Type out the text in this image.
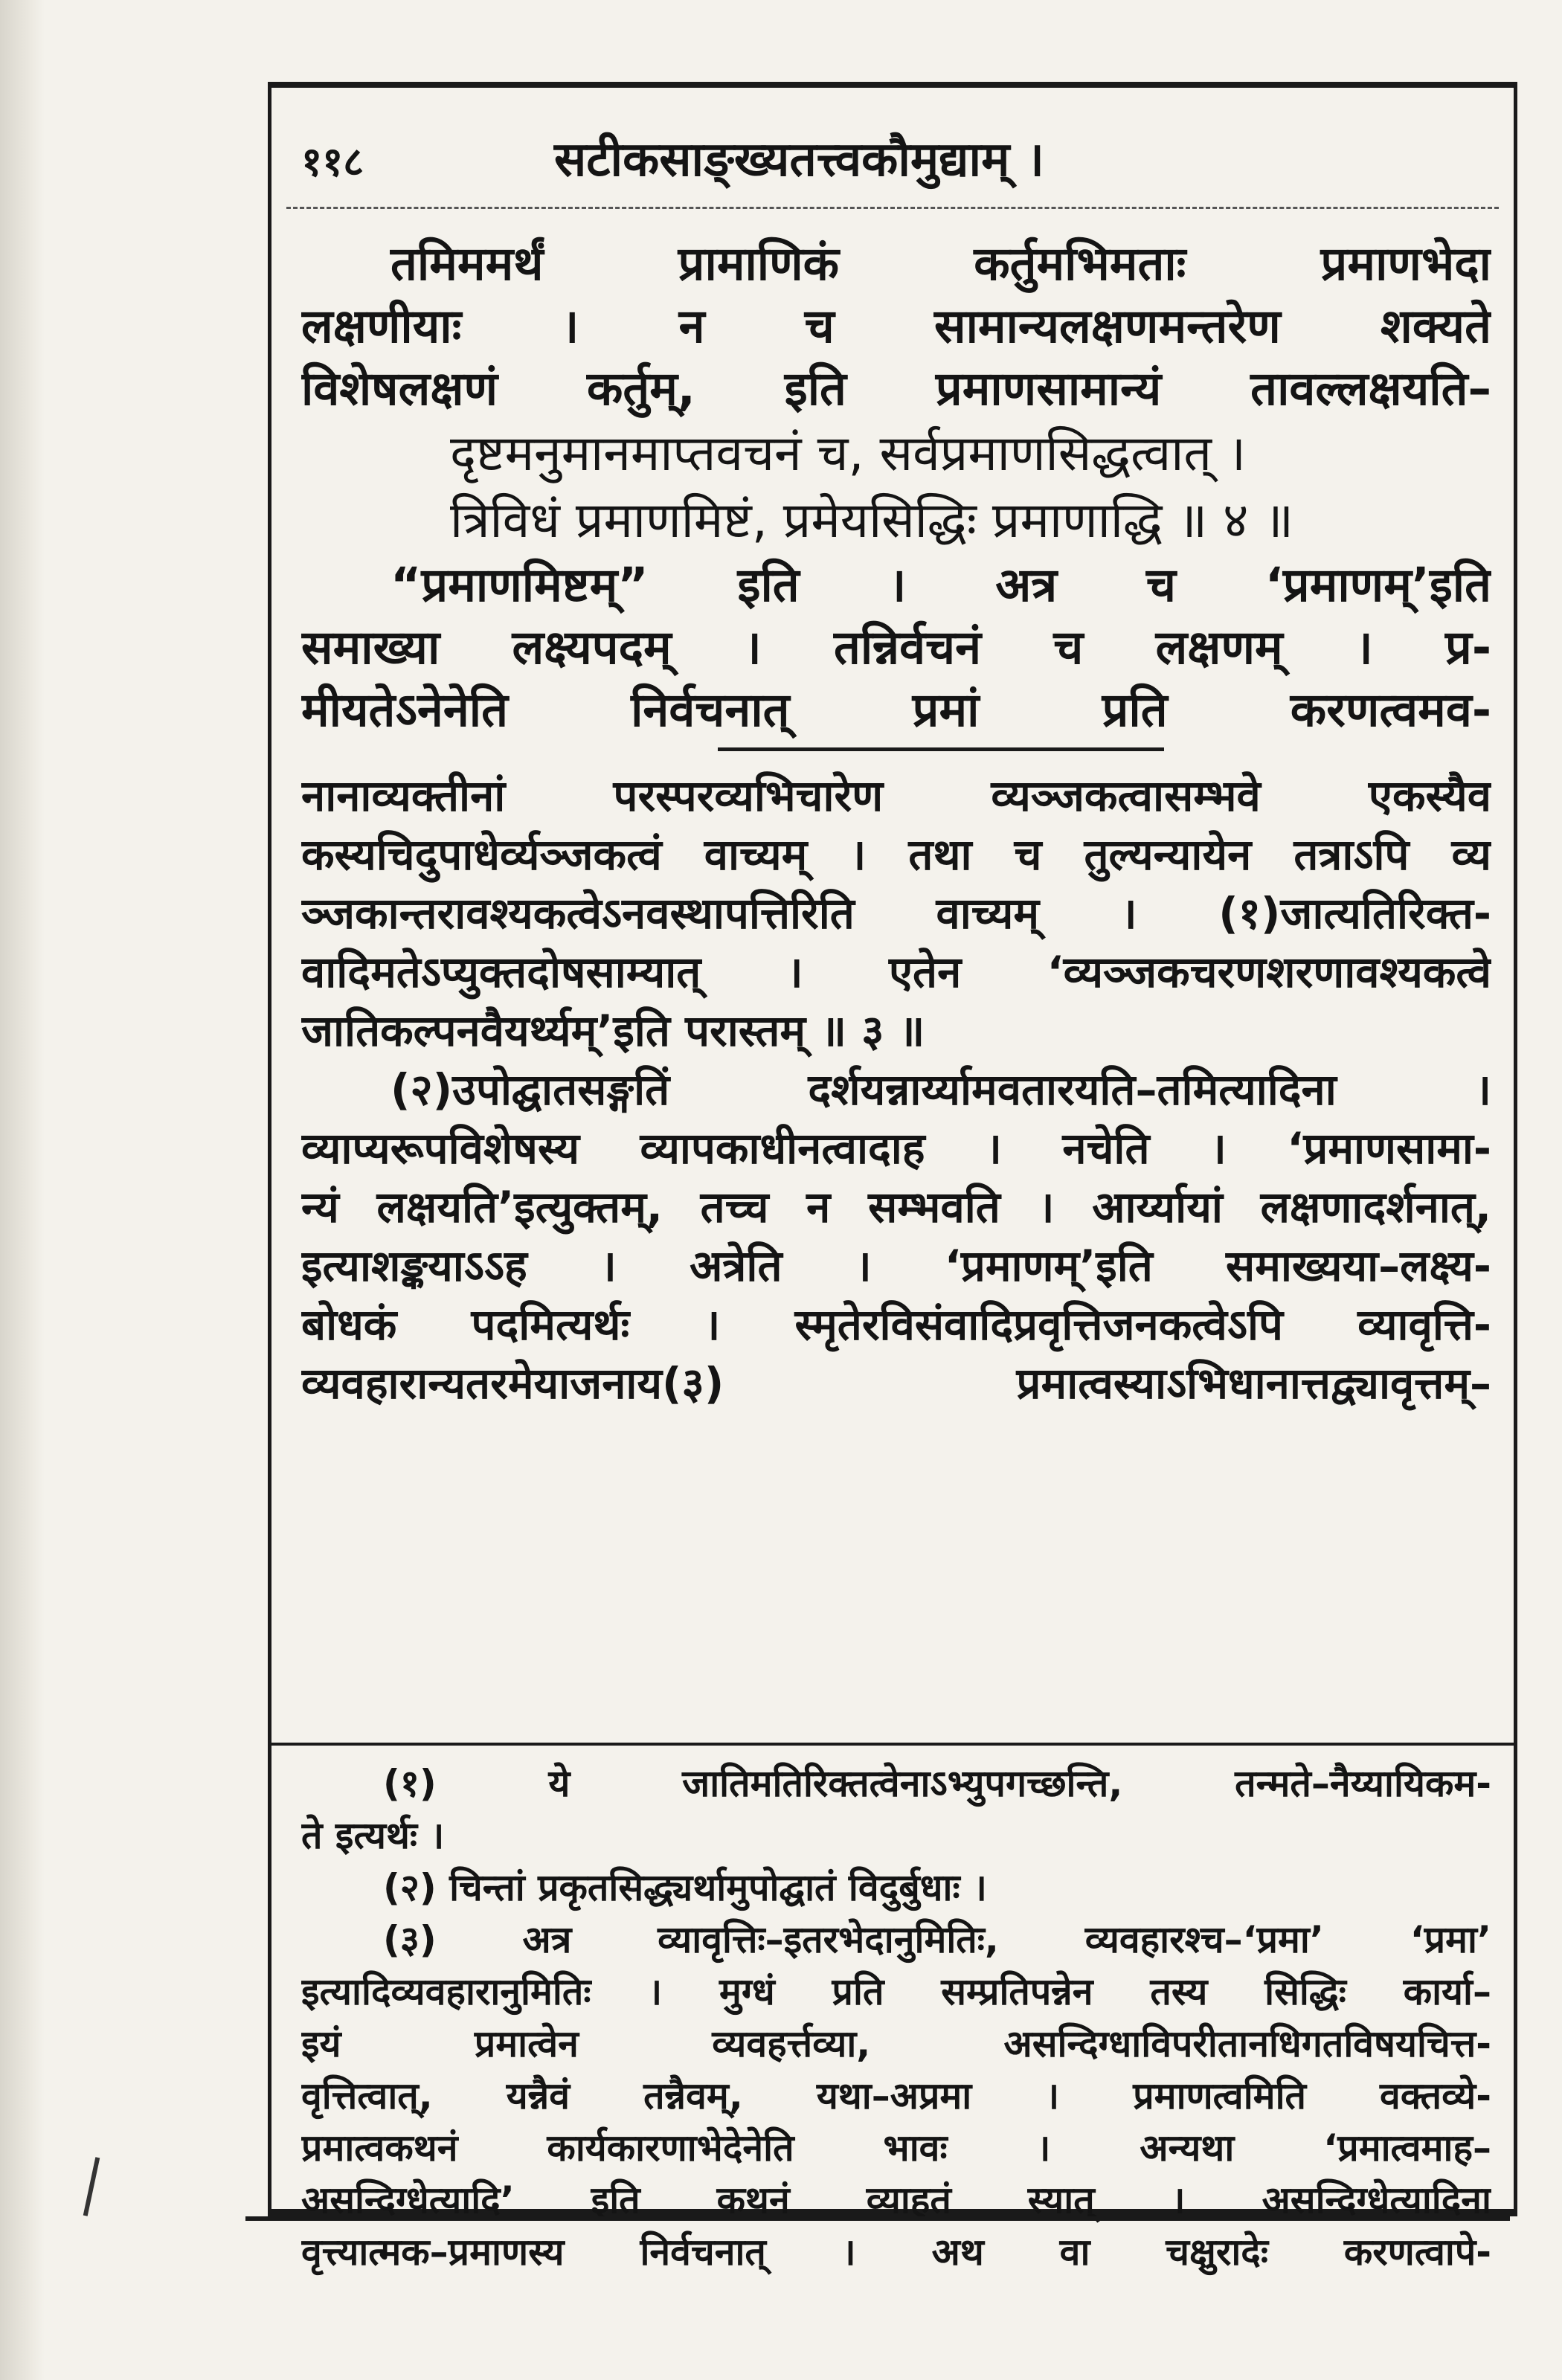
११८	सटीकसाङ्ख्यतत्त्वकौमुद्याम् ।
तमिममर्थं प्रामाणिकं कर्तुमभिमताः प्रमाणभेदा
लक्षणीयाः । न च सामान्यलक्षणमन्तरेण शक्यते
विशेषलक्षणं कर्तुम्, इति प्रमाणसामान्यं तावल्लक्षयति–
दृष्टमनुमानमाप्तवचनं च, सर्वप्रमाणसिद्धत्वात् ।
त्रिविधं प्रमाणमिष्टं, प्रमेयसिद्धिः प्रमाणाद्धि ॥ ४ ॥
“प्रमाणमिष्टम्” इति । अत्र च ‘प्रमाणम्’इति
समाख्या लक्ष्यपदम् । तन्निर्वचनं च लक्षणम् । प्र-
मीयतेऽनेनेति निर्वचनात् प्रमां प्रति करणत्वमव-
नानाव्यक्तीनां परस्परव्यभिचारेण व्यञ्जकत्वासम्भवे एकस्यैव
कस्यचिदुपाधेर्व्यञ्जकत्वं वाच्यम् । तथा च तुल्यन्यायेन तत्राऽपि व्य
ञ्जकान्तरावश्यकत्वेऽनवस्थापत्तिरिति वाच्यम् । (१)जात्यतिरिक्त-
वादिमतेऽप्युक्तदोषसाम्यात् । एतेन ‘व्यञ्जकचरणशरणावश्यकत्वे
जातिकल्पनवैयर्थ्यम्’इति परास्तम् ॥ ३ ॥
(२)उपोद्घातसङ्गतिं दर्शयन्नार्य्यामवतारयति–तमित्यादिना ।
व्याप्यरूपविशेषस्य व्यापकाधीनत्वादाह । नचेति । ‘प्रमाणसामा-
न्यं लक्षयति’इत्युक्तम्, तच्च न सम्भवति । आर्य्यायां लक्षणादर्शनात्,
इत्याशङ्कयाऽऽह । अत्रेति । ‘प्रमाणम्’इति समाख्यया–लक्ष्य-
बोधकं पदमित्यर्थः । स्मृतेरविसंवादिप्रवृत्तिजनकत्वेऽपि व्यावृत्ति-
व्यवहारान्यतरमेयाजनाय(३) प्रमात्वस्याऽभिधानात्तद्व्यावृत्तम्–
(१) ये जातिमतिरिक्तत्वेनाऽभ्युपगच्छन्ति, तन्मते–नैय्यायिकम-
ते इत्यर्थः ।
(२) चिन्तां प्रकृतसिद्ध्यर्थामुपोद्घातं विदुर्बुधाः ।
(३) अत्र व्यावृत्तिः–इतरभेदानुमितिः, व्यवहारश्च–‘प्रमा’ ‘प्रमा’
इत्यादिव्यवहारानुमितिः । मुग्धं प्रति सम्प्रतिपन्नेन तस्य सिद्धिः कार्या–
इयं प्रमात्वेन व्यवहर्त्तव्या, असन्दिग्धाविपरीतानधिगतविषयचित्त-
वृत्तित्वात्, यन्नैवं तन्नैवम्, यथा–अप्रमा । प्रमाणत्वमिति वक्तव्ये-
प्रमात्वकथनं कार्यकारणाभेदेनेति भावः । अन्यथा ‘प्रमात्वमाह–
असन्दिग्धेत्यादि’ इति कथनं व्याहतं स्यात् । असन्दिग्धेत्यादिना
वृत्त्यात्मक–प्रमाणस्य निर्वचनात् । अथ वा चक्षुरादेः करणत्वापे-
